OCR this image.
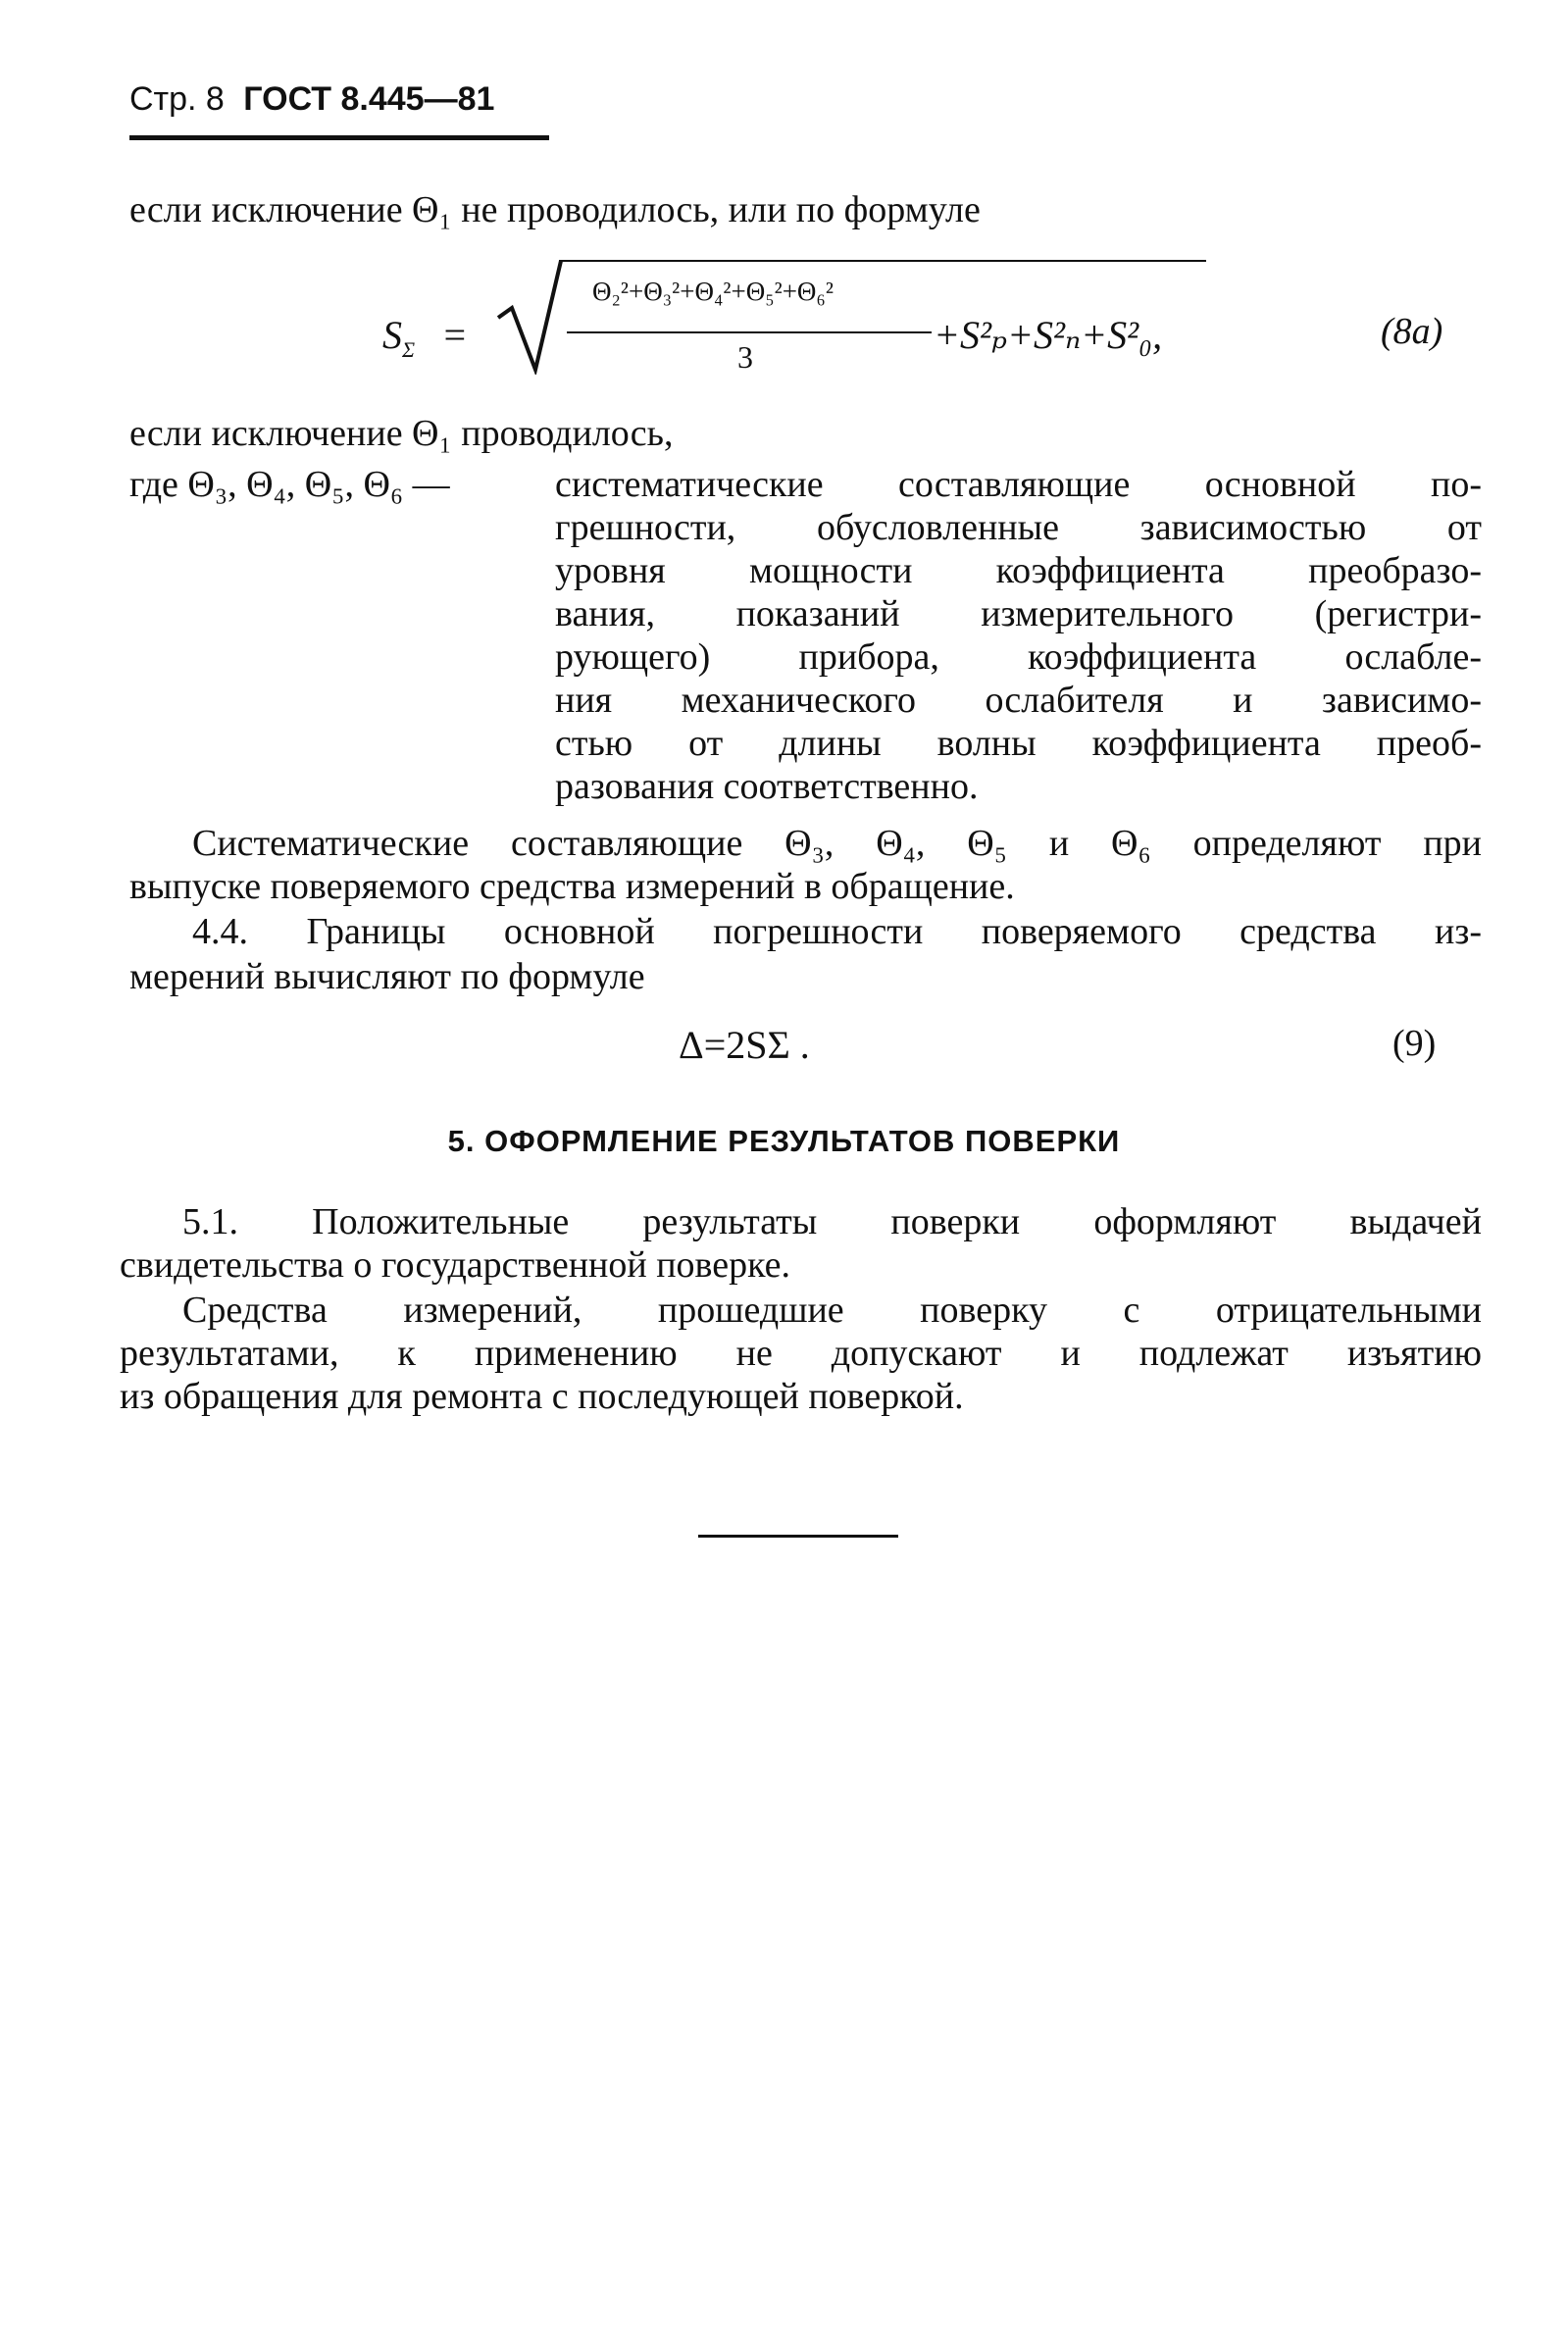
Стр. 8 ГОСТ 8.445—81
если исключение Θ₁ не проводилось, или по формуле
$S_\Sigma$ =
Θ₂²+Θ₃²+Θ₄²+Θ₅²+Θ₆²
3	+S²ₚ+S²ₙ+S²₀,	(8а)
если исключение Θ₁ проводилось,
где Θ₃, Θ₄, Θ₅, Θ₆ —	систематические составляющие основной по-
грешности, обусловленные зависимостью от
уровня мощности коэффициента преобразо-
вания, показаний измерительного (регистри-
рующего) прибора, коэффициента ослабле-
ния механического ослабителя и зависимо-
стью от длины волны коэффициента преоб-
разования соответственно.
Систематические составляющие Θ₃, Θ₄, Θ₅ и Θ₆ определяют при
выпуске поверяемого средства измерений в обращение.
4.4. Границы основной погрешности поверяемого средства из-
мерений вычисляют по формуле
Δ=2SΣ .	(9)
5. ОФОРМЛЕНИЕ РЕЗУЛЬТАТОВ ПОВЕРКИ
5.1. Положительные результаты поверки оформляют выдачей
свидетельства о государственной поверке.
Средства измерений, прошедшие поверку с отрицательными
результатами, к применению не допускают и подлежат изъятию
из обращения для ремонта с последующей поверкой.
